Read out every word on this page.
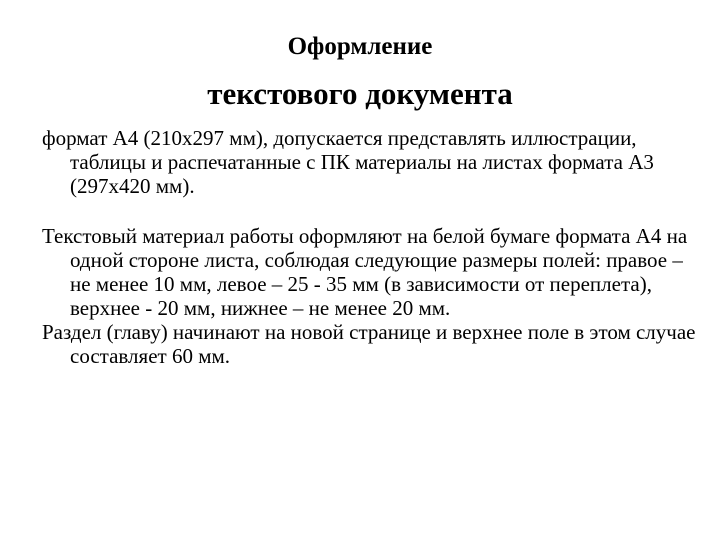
Оформление
текстового документа

формат А4 (210х297 мм), допускается представлять иллюстрации, таблицы и распечатанные с ПК материалы на листах формата А3 (297х420 мм).

Текстовый материал работы оформляют на белой бумаге формата А4 на одной стороне листа, соблюдая следующие размеры полей: правое – не менее 10 мм, левое – 25 - 35 мм (в зависимости от переплета), верхнее - 20 мм, нижнее – не менее 20 мм.

Раздел (главу) начинают на новой странице и верхнее поле в этом случае составляет 60 мм.
